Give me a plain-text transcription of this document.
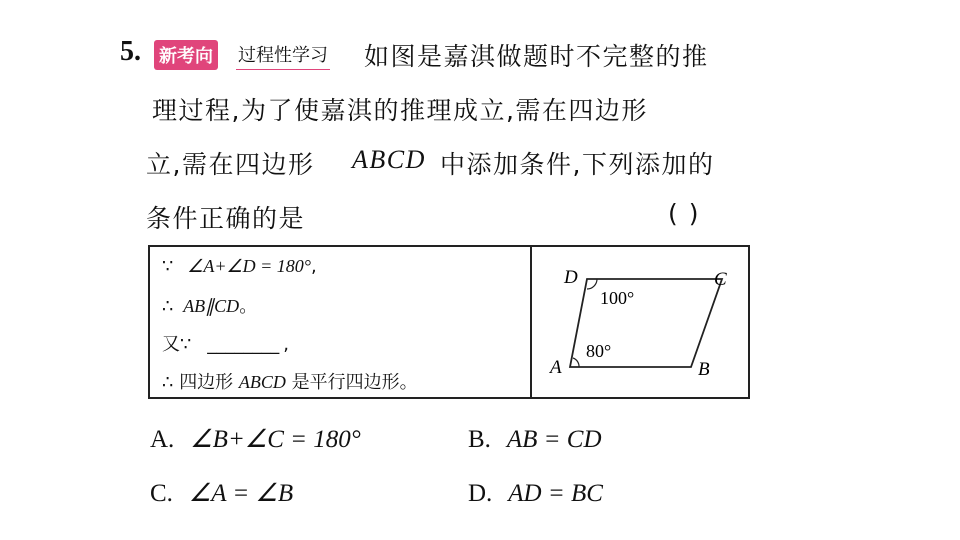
5. 新考向 过程性学习 如图是嘉淇做题时不完整的推
理过程,为了使嘉淇的推理成立,需在四边形
立,需在四边形 ABCD 中添加条件,下列添加的
条件正确的是	( )
∵ ∠A+∠D = 180°,
∴ AB∥CD。
又∵ ________ ,
∴ 四边形 ABCD 是平行四边形。
D	C
A	B
100°
80°
A. ∠B+∠C = 180°	B. AB = CD
C. ∠A = ∠B	D. AD = BC
